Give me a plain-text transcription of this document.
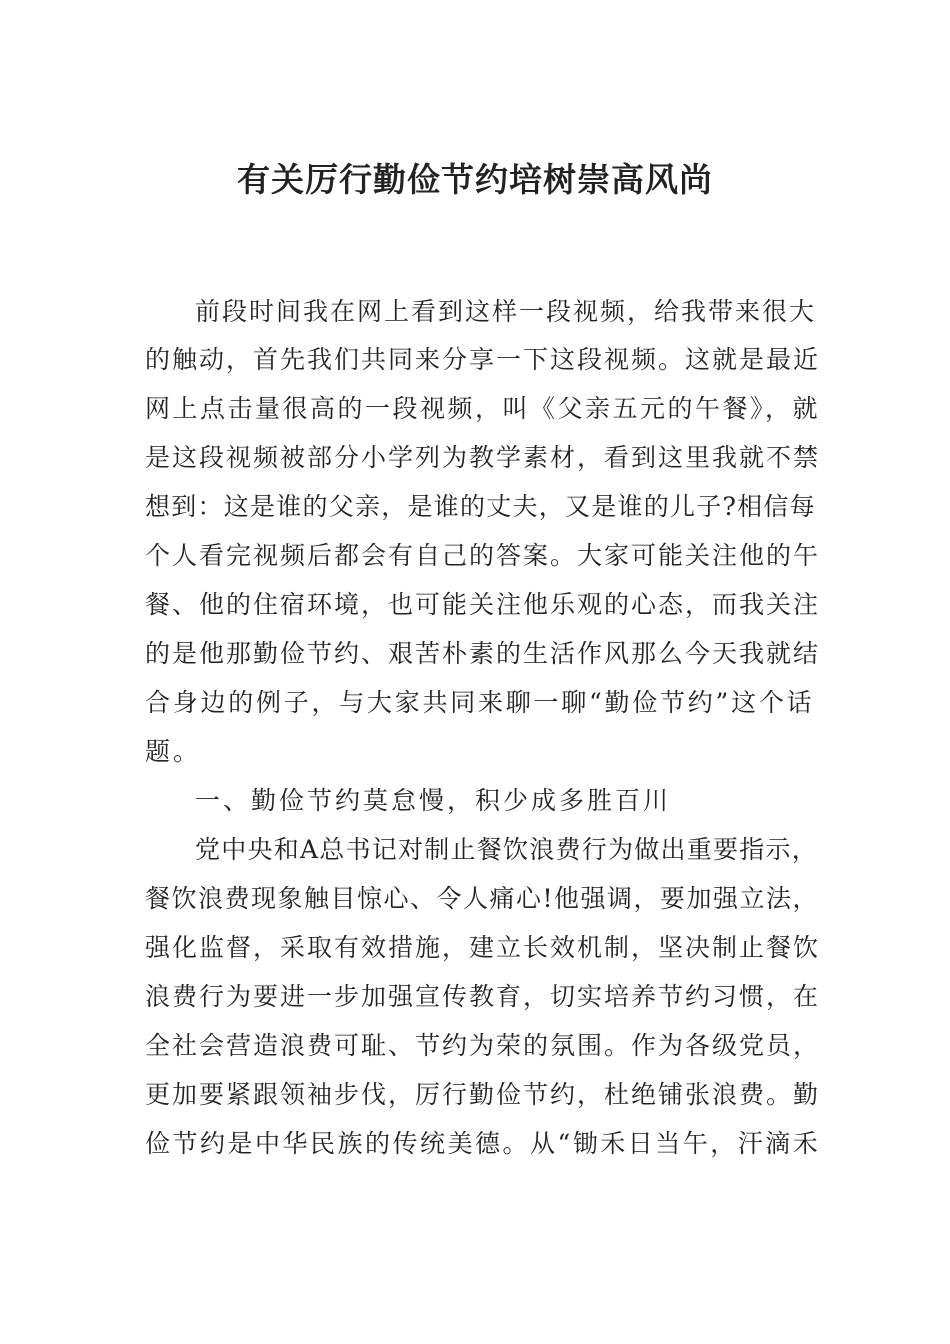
有关厉行勤俭节约培树崇高风尚
前段时间我在网上看到这样一段视频，给我带来很大
的触动，首先我们共同来分享一下这段视频。这就是最近
网上点击量很高的一段视频，叫《父亲五元的午餐》，就
是这段视频被部分小学列为教学素材，看到这里我就不禁
想到：这是谁的父亲，是谁的丈夫，又是谁的儿子?相信每
个人看完视频后都会有自己的答案。大家可能关注他的午
餐、他的住宿环境，也可能关注他乐观的心态，而我关注
的是他那勤俭节约、艰苦朴素的生活作风那么今天我就结
合身边的例子，与大家共同来聊一聊“勤俭节约”这个话
题。
一、勤俭节约莫怠慢，积少成多胜百川
党中央和A总书记对制止餐饮浪费行为做出重要指示，
餐饮浪费现象触目惊心、令人痛心!他强调，要加强立法，
强化监督，采取有效措施，建立长效机制，坚决制止餐饮
浪费行为要进一步加强宣传教育，切实培养节约习惯，在
全社会营造浪费可耻、节约为荣的氛围。作为各级党员，
更加要紧跟领袖步伐，厉行勤俭节约，杜绝铺张浪费。勤
俭节约是中华民族的传统美德。从“锄禾日当午，汗滴禾
